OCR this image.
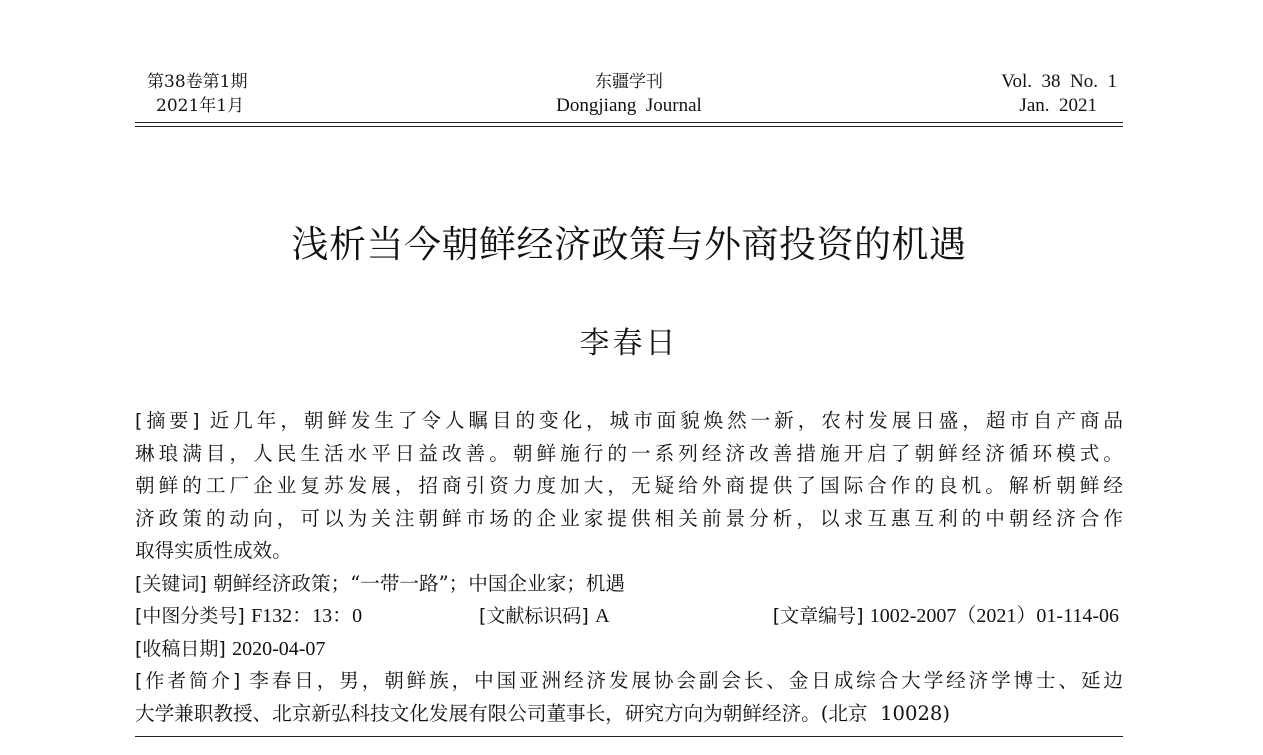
第38卷第1期
2021年1月
东疆学刊
Dongjiang  Journal
Vol.  38  No.  1
Jan.  2021
浅析当今朝鲜经济政策与外商投资的机遇
李春日
[摘要] 近几年，朝鲜发生了令人瞩目的变化，城市面貌焕然一新，农村发展日盛，超市自产商品
琳琅满目，人民生活水平日益改善。朝鲜施行的一系列经济改善措施开启了朝鲜经济循环模式。
朝鲜的工厂企业复苏发展，招商引资力度加大，无疑给外商提供了国际合作的良机。解析朝鲜经
济政策的动向，可以为关注朝鲜市场的企业家提供相关前景分析，以求互惠互利的中朝经济合作
取得实质性成效。
[关键词] 朝鲜经济政策；“一带一路”；中国企业家；机遇
[中图分类号] F132：13：0	[文献标识码] A	[文章编号] 1002-2007（2021）01-114-06
[收稿日期] 2020-04-07
[作者简介] 李春日，男，朝鲜族，中国亚洲经济发展协会副会长、金日成综合大学经济学博士、延边
大学兼职教授、北京新弘科技文化发展有限公司董事长，研究方向为朝鲜经济。(北京  10028)
